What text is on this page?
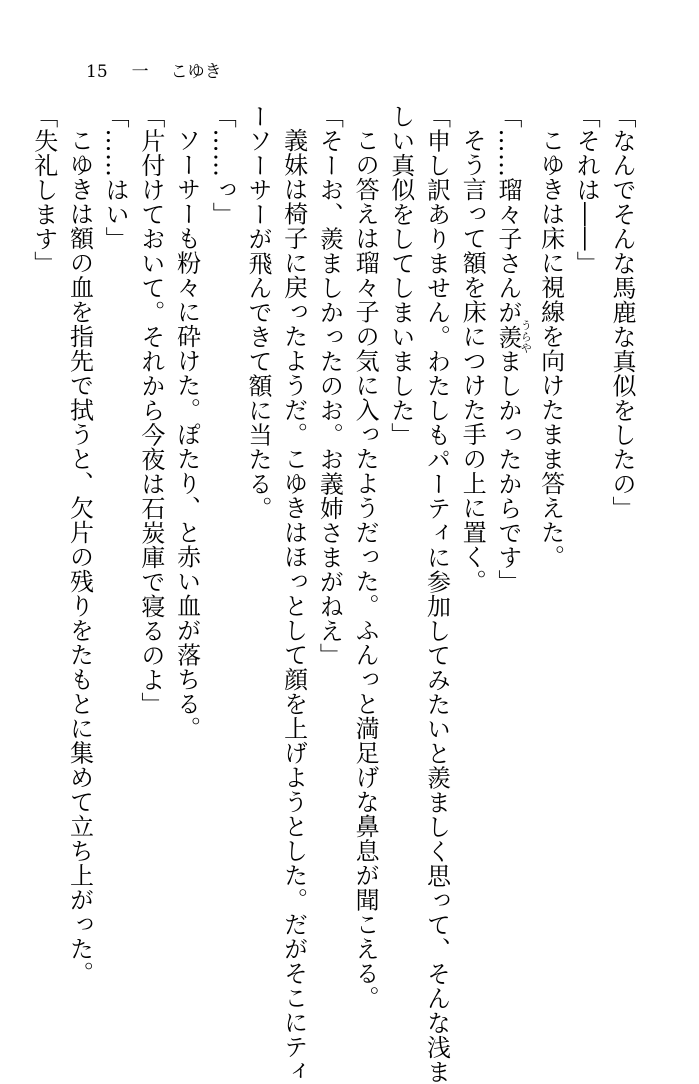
15 一 こゆき
「なんでそんな馬鹿な真似をしたの」
「それは――」
こゆきは床に視線を向けたまま答えた。
「……瑠々子さんが羨うらやましかったからです」
そう言って額を床につけた手の上に置く。
「申し訳ありません。わたしもパーティに参加してみたいと羨ましく思って、そんな浅ま
しい真似をしてしまいました」
この答えは瑠々子の気に入ったようだった。ふんっと満足げな鼻息が聞こえる。
「そーお、羨ましかったのお。お義姉さまがねえ」
義妹は椅子に戻ったようだ。こゆきはほっとして顔を上げようとした。だがそこにティ
ーソーサーが飛んできて額に当たる。
「……っ」
ソーサーも粉々に砕けた。ぽたり、と赤い血が落ちる。
「片付けておいて。それから今夜は石炭庫で寝るのよ」
「……はい」
こゆきは額の血を指先で拭うと、欠片の残りをたもとに集めて立ち上がった。
「失礼します」
